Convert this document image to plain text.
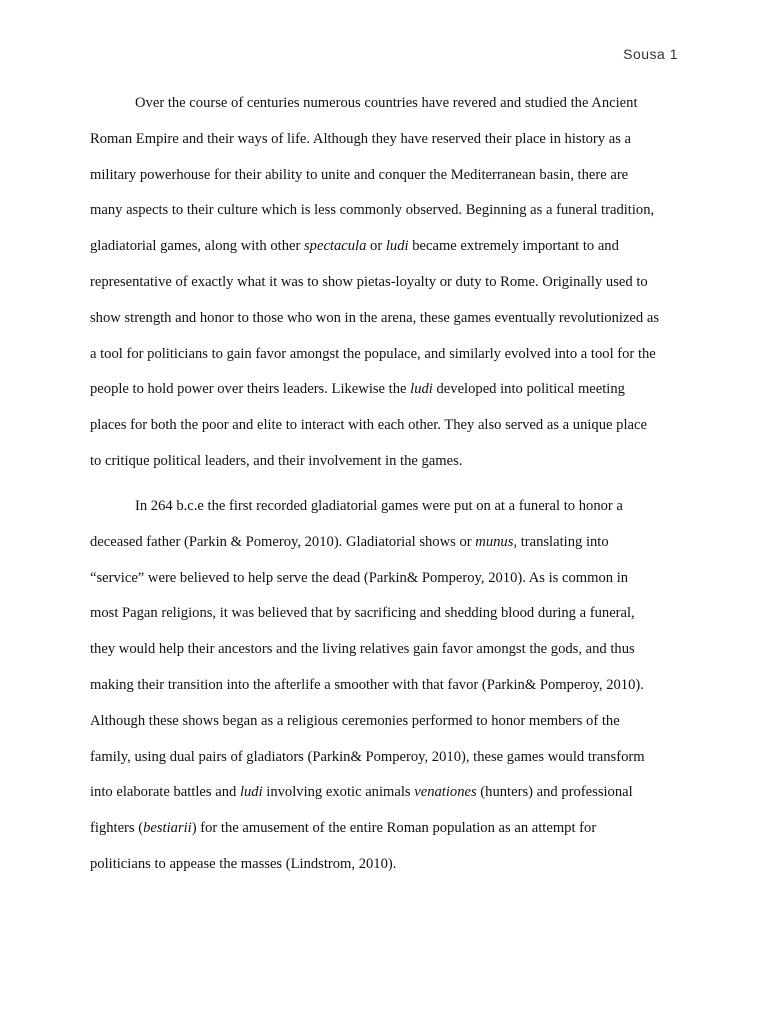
Sousa 1
Over the course of centuries numerous countries have revered and studied the Ancient
Roman Empire and their ways of life. Although they have reserved their place in history as a
military powerhouse for their ability to unite and conquer the Mediterranean basin, there are
many aspects to their culture which is less commonly observed. Beginning as a funeral tradition,
gladiatorial games, along with other spectacula or ludi became extremely important to and
representative of exactly what it was to show pietas-loyalty or duty to Rome. Originally used to
show strength and honor to those who won in the arena, these games eventually revolutionized as
a tool for politicians to gain favor amongst the populace, and similarly evolved into a tool for the
people to hold power over theirs leaders. Likewise the ludi developed into political meeting
places for both the poor and elite to interact with each other. They also served as a unique place
to critique political leaders, and their involvement in the games.
In 264 b.c.e the first recorded gladiatorial games were put on at a funeral to honor a
deceased father (Parkin & Pomeroy, 2010). Gladiatorial shows or munus, translating into
“service” were believed to help serve the dead (Parkin& Pomperoy, 2010). As is common in
most Pagan religions, it was believed that by sacrificing and shedding blood during a funeral,
they would help their ancestors and the living relatives gain favor amongst the gods, and thus
making their transition into the afterlife a smoother with that favor (Parkin& Pomperoy, 2010).
Although these shows began as a religious ceremonies performed to honor members of the
family, using dual pairs of gladiators (Parkin& Pomperoy, 2010), these games would transform
into elaborate battles and ludi involving exotic animals venationes (hunters) and professional
fighters (bestiarii) for the amusement of the entire Roman population as an attempt for
politicians to appease the masses (Lindstrom, 2010).
